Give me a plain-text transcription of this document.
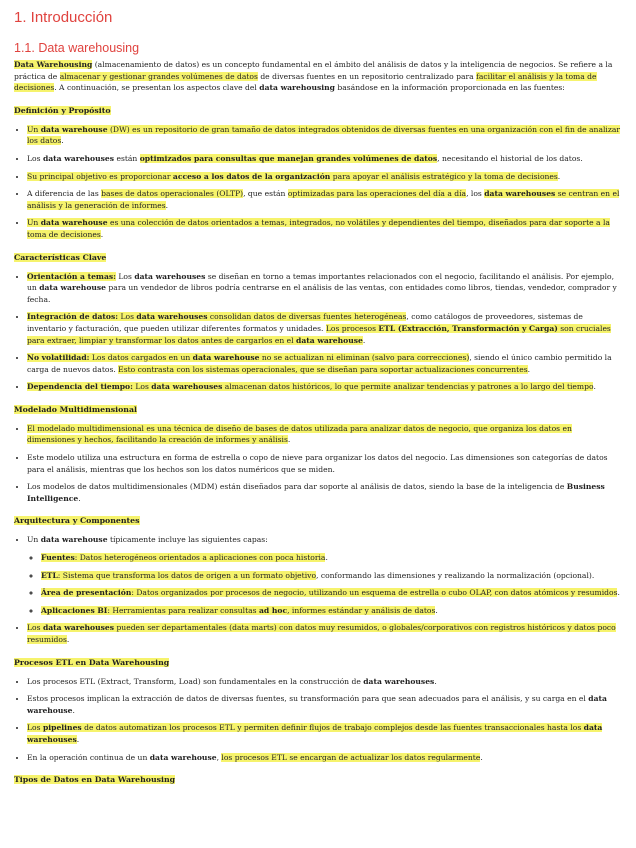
1. Introducción
1.1. Data warehousing

Data Warehousing (almacenamiento de datos) es un concepto fundamental en el ámbito del análisis de datos y la inteligencia de negocios. Se refiere a la práctica de almacenar y gestionar grandes volúmenes de datos de diversas fuentes en un repositorio centralizado para facilitar el análisis y la toma de decisiones. A continuación, se presentan los aspectos clave del data warehousing basándose en la información proporcionada en las fuentes:

Definición y Propósito
• Un data warehouse (DW) es un repositorio de gran tamaño de datos integrados obtenidos de diversas fuentes en una organización con el fin de analizar los datos.
• Los data warehouses están optimizados para consultas que manejan grandes volúmenes de datos, necesitando el historial de los datos.
• Su principal objetivo es proporcionar acceso a los datos de la organización para apoyar el análisis estratégico y la toma de decisiones.
• A diferencia de las bases de datos operacionales (OLTP), que están optimizadas para las operaciones del día a día, los data warehouses se centran en el análisis y la generación de informes.
• Un data warehouse es una colección de datos orientados a temas, integrados, no volátiles y dependientes del tiempo, diseñados para dar soporte a la toma de decisiones.
Características Clave
• Orientación a temas: Los data warehouses se diseñan en torno a temas importantes relacionados con el negocio, facilitando el análisis. Por ejemplo, un data warehouse para un vendedor de libros podría centrarse en el análisis de las ventas, con entidades como libros, tiendas, vendedor, comprador y fecha.
• Integración de datos: Los data warehouses consolidan datos de diversas fuentes heterogéneas, como catálogos de proveedores, sistemas de inventario y facturación, que pueden utilizar diferentes formatos y unidades. Los procesos ETL (Extracción, Transformación y Carga) son cruciales para extraer, limpiar y transformar los datos antes de cargarlos en el data warehouse.
• No volatilidad: Los datos cargados en un data warehouse no se actualizan ni eliminan (salvo para correcciones), siendo el único cambio permitido la carga de nuevos datos. Esto contrasta con los sistemas operacionales, que se diseñan para soportar actualizaciones concurrentes.
• Dependencia del tiempo: Los data warehouses almacenan datos históricos, lo que permite analizar tendencias y patrones a lo largo del tiempo.
Modelado Multidimensional
• El modelado multidimensional es una técnica de diseño de bases de datos utilizada para analizar datos de negocio, que organiza los datos en dimensiones y hechos, facilitando la creación de informes y análisis.
• Este modelo utiliza una estructura en forma de estrella o copo de nieve para organizar los datos del negocio. Las dimensiones son categorías de datos para el análisis, mientras que los hechos son los datos numéricos que se miden.
• Los modelos de datos multidimensionales (MDM) están diseñados para dar soporte al análisis de datos, siendo la base de la inteligencia de Business Intelligence.
Arquitectura y Componentes
• Un data warehouse típicamente incluye las siguientes capas:
◦ Fuentes: Datos heterogéneos orientados a aplicaciones con poca historia.
◦ ETL: Sistema que transforma los datos de origen a un formato objetivo, conformando las dimensiones y realizando la normalización (opcional).
◦ Área de presentación: Datos organizados por procesos de negocio, utilizando un esquema de estrella o cubo OLAP, con datos atómicos y resumidos.
◦ Aplicaciones BI: Herramientas para realizar consultas ad hoc, informes estándar y análisis de datos.
• Los data warehouses pueden ser departamentales (data marts) con datos muy resumidos, o globales/corporativos con registros históricos y datos poco resumidos.
Procesos ETL en Data Warehousing
• Los procesos ETL (Extract, Transform, Load) son fundamentales en la construcción de data warehouses.
• Estos procesos implican la extracción de datos de diversas fuentes, su transformación para que sean adecuados para el análisis, y su carga en el data warehouse.
• Los pipelines de datos automatizan los procesos ETL y permiten definir flujos de trabajo complejos desde las fuentes transaccionales hasta los data warehouses.
• En la operación continua de un data warehouse, los procesos ETL se encargan de actualizar los datos regularmente.
Tipos de Datos en Data Warehousing
